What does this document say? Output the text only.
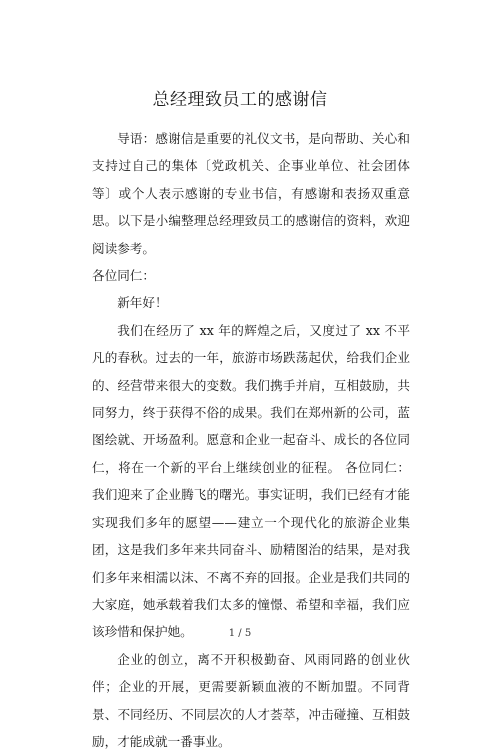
总经理致员工的感谢信

导语：感谢信是重要的礼仪文书，是向帮助、关心和支持过自己的集体〔党政机关、企事业单位、社会团体等〕或个人表示感谢的专业书信，有感谢和表扬双重意思。以下是小编整理总经理致员工的感谢信的资料，欢迎阅读参考。

各位同仁：

新年好！

我们在经历了 xx 年的辉煌之后，又度过了 xx 不平凡的春秋。过去的一年，旅游市场跌荡起伏，给我们企业的、经营带来很大的变数。我们携手并肩，互相鼓励，共同努力，终于获得不俗的成果。我们在郑州新的公司，蓝图绘就、开场盈利。愿意和企业一起奋斗、成长的各位同仁，将在一个新的平台上继续创业的征程。 各位同仁：我们迎来了企业腾飞的曙光。事实证明，我们已经有才能实现我们多年的愿望——建立一个现代化的旅游企业集团，这是我们多年来共同奋斗、励精图治的结果，是对我们多年来相濡以沫、不离不弃的回报。企业是我们共同的大家庭，她承载着我们太多的憧憬、希望和幸福，我们应该珍惜和保护她。

企业的创立，离不开积极勤奋、风雨同路的创业伙伴；企业的开展，更需要新颖血液的不断加盟。不同背景、不同经历、不同层次的人才荟萃，冲击碰撞、互相鼓励，才能成就一番事业。

1 / 5
